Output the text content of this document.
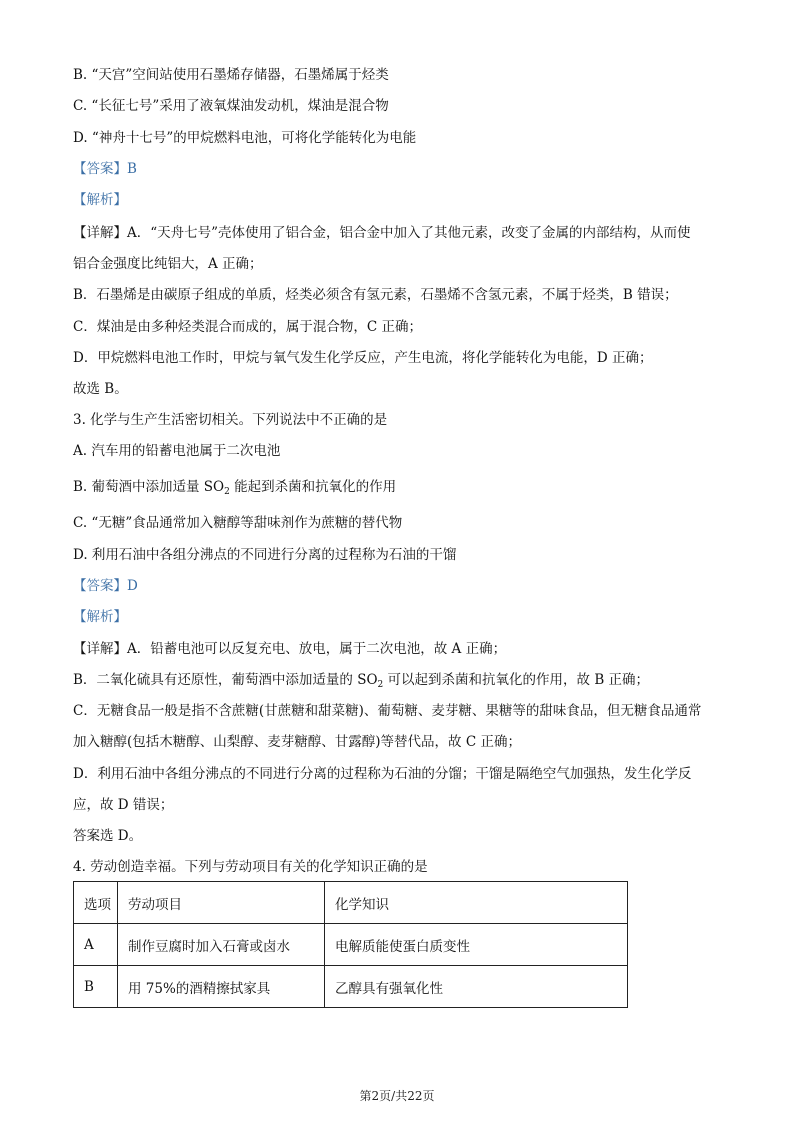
B. “天宫”空间站使用石墨烯存储器，石墨烯属于烃类
C. “长征七号”采用了液氧煤油发动机，煤油是混合物
D. “神舟十七号”的甲烷燃料电池，可将化学能转化为电能
【答案】B
【解析】
【详解】A．“天舟七号”壳体使用了铝合金，铝合金中加入了其他元素，改变了金属的内部结构，从而使
铝合金强度比纯铝大，A 正确；
B．石墨烯是由碳原子组成的单质，烃类必须含有氢元素，石墨烯不含氢元素，不属于烃类，B 错误；
C．煤油是由多种烃类混合而成的，属于混合物，C 正确；
D．甲烷燃料电池工作时，甲烷与氧气发生化学反应，产生电流，将化学能转化为电能，D 正确；
故选 B。
3. 化学与生产生活密切相关。下列说法中不正确的是
A. 汽车用的铅蓄电池属于二次电池
B. 葡萄酒中添加适量 $SO_2$ 能起到杀菌和抗氧化的作用
C. “无糖”食品通常加入糖醇等甜味剂作为蔗糖的替代物
D. 利用石油中各组分沸点的不同进行分离的过程称为石油的干馏
【答案】D
【解析】
【详解】A．铅蓄电池可以反复充电、放电，属于二次电池，故 A 正确；
B．二氧化硫具有还原性，葡萄酒中添加适量的 $SO_2$ 可以起到杀菌和抗氧化的作用，故 B 正确；
C．无糖食品一般是指不含蔗糖(甘蔗糖和甜菜糖)、葡萄糖、麦芽糖、果糖等的甜味食品，但无糖食品通常
加入糖醇(包括木糖醇、山梨醇、麦芽糖醇、甘露醇)等替代品，故 C 正确；
D．利用石油中各组分沸点的不同进行分离的过程称为石油的分馏；干馏是隔绝空气加强热，发生化学反
应，故 D 错误；
答案选 D。
4. 劳动创造幸福。下列与劳动项目有关的化学知识正确的是
选项	劳动项目	化学知识
A	制作豆腐时加入石膏或卤水	电解质能使蛋白质变性
B	用 75%的酒精擦拭家具	乙醇具有强氧化性
第2页/共22页
